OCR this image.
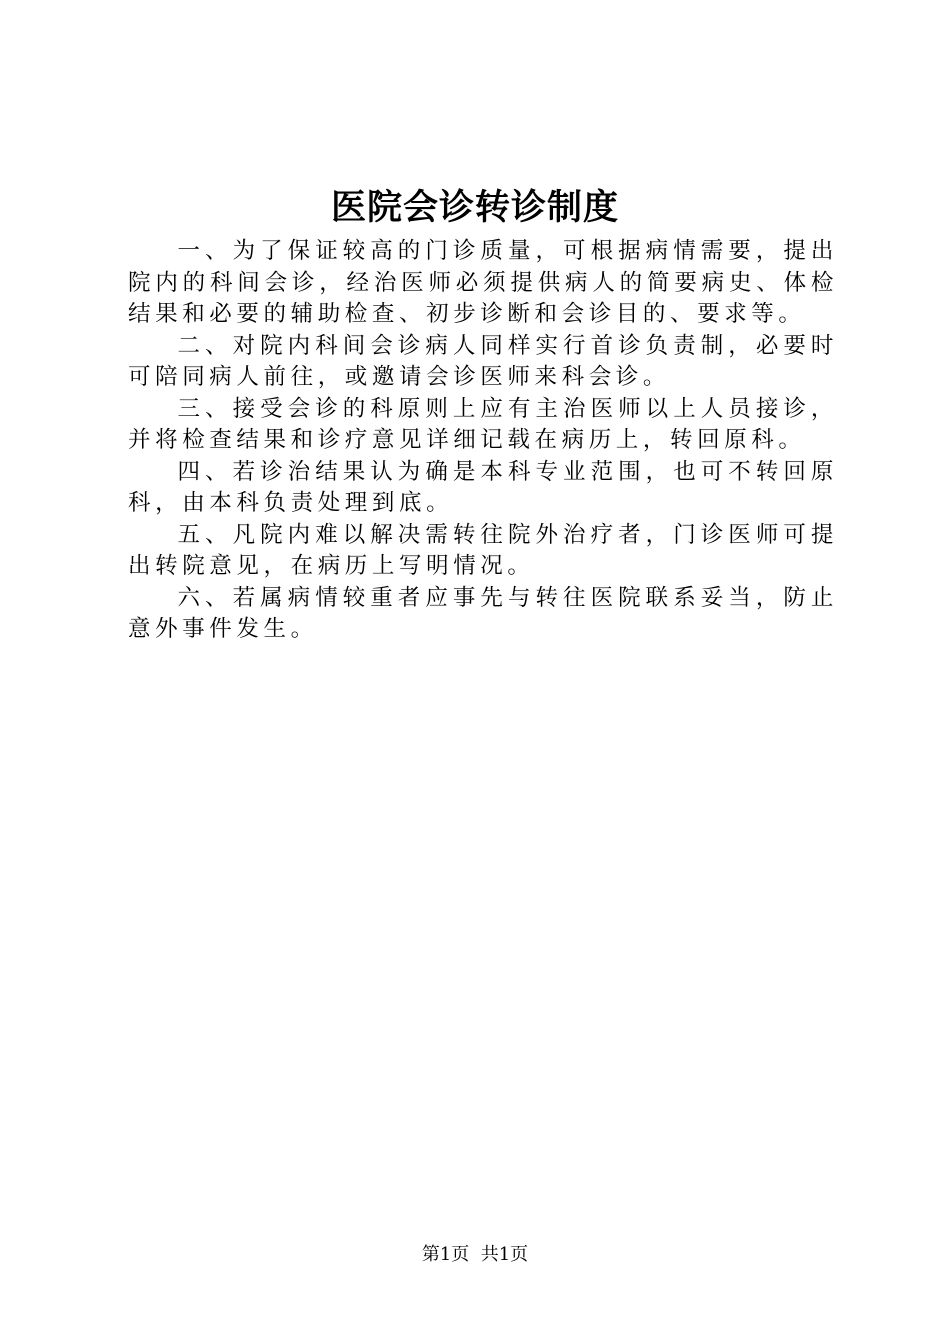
医院会诊转诊制度

一、为了保证较高的门诊质量，可根据病情需要，提出院内的科间会诊，经治医师必须提供病人的简要病史、体检结果和必要的辅助检查、初步诊断和会诊目的、要求等。

二、对院内科间会诊病人同样实行首诊负责制，必要时可陪同病人前往，或邀请会诊医师来科会诊。

三、接受会诊的科原则上应有主治医师以上人员接诊，并将检查结果和诊疗意见详细记载在病历上，转回原科。

四、若诊治结果认为确是本科专业范围，也可不转回原科，由本科负责处理到底。

五、凡院内难以解决需转往院外治疗者，门诊医师可提出转院意见，在病历上写明情况。

六、若属病情较重者应事先与转往医院联系妥当，防止意外事件发生。

第1页 共1页
